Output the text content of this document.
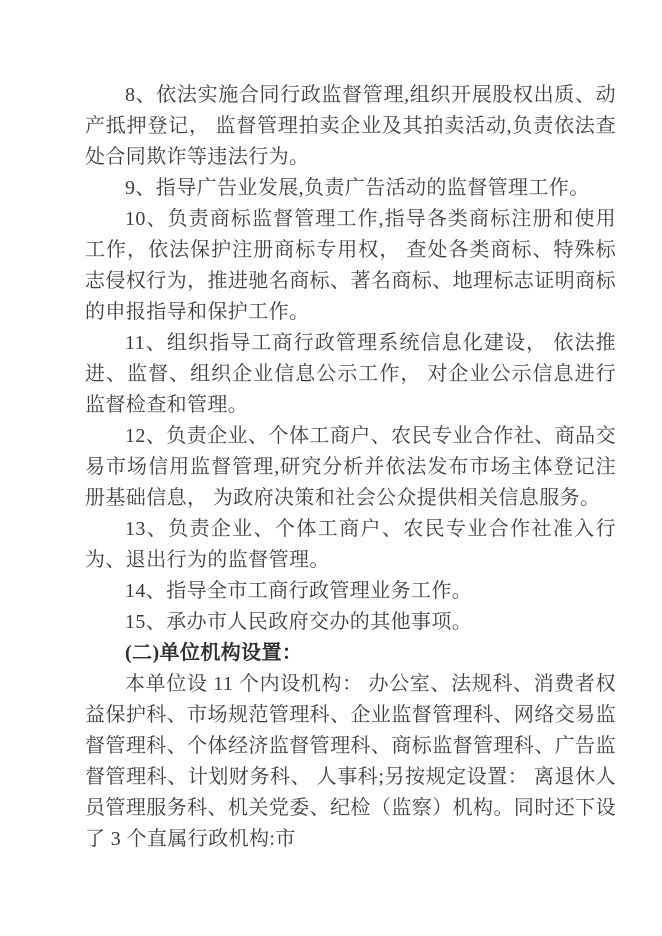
8、依法实施合同行政监督管理,组织开展股权出质、动产抵押登记， 监督管理拍卖企业及其拍卖活动,负责依法查处合同欺诈等违法行为。

9、指导广告业发展,负责广告活动的监督管理工作。

10、负责商标监督管理工作,指导各类商标注册和使用工作，依法保护注册商标专用权， 查处各类商标、特殊标志侵权行为，推进驰名商标、著名商标、地理标志证明商标的申报指导和保护工作。

11、组织指导工商行政管理系统信息化建设， 依法推进、监督、组织企业信息公示工作， 对企业公示信息进行监督检查和管理。

12、负责企业、个体工商户、农民专业合作社、商品交易市场信用监督管理,研究分析并依法发布市场主体登记注册基础信息， 为政府决策和社会公众提供相关信息服务。

13、负责企业、个体工商户、农民专业合作社准入行为、退出行为的监督管理。

14、指导全市工商行政管理业务工作。

15、承办市人民政府交办的其他事项。

(二)单位机构设置：

本单位设 11 个内设机构： 办公室、法规科、消费者权益保护科、市场规范管理科、企业监督管理科、网络交易监督管理科、个体经济监督管理科、商标监督管理科、广告监督管理科、计划财务科、 人事科;另按规定设置： 离退休人员管理服务科、机关党委、纪检（监察）机构。同时还下设了 3 个直属行政机构:市
